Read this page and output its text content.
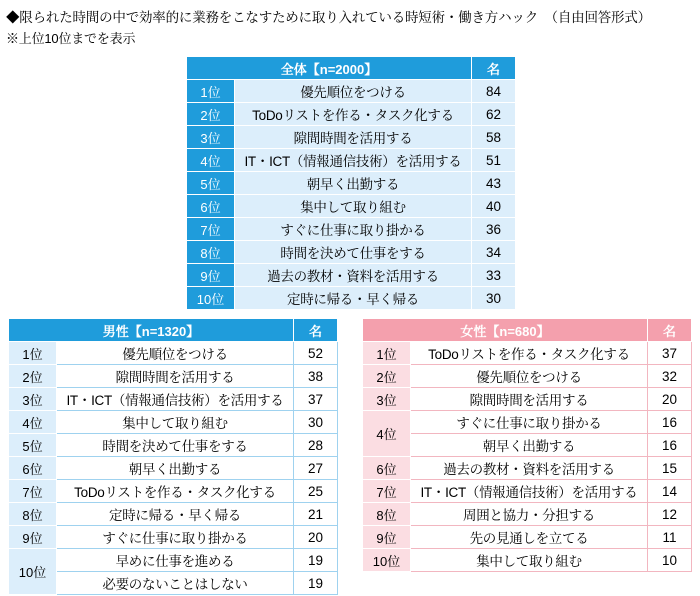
◆限られた時間の中で効率的に業務をこなすために取り入れている時短術・働き方ハック　（自由回答形式）
※上位10位までを表示
全体【n=2000】		名
1位	優先順位をつける	84
2位	ToDoリストを作る・タスク化する	62
3位	隙間時間を活用する	58
4位	IT・ICT（情報通信技術）を活用する	51
5位	朝早く出勤する	43
6位	集中して取り組む	40
7位	すぐに仕事に取り掛かる	36
8位	時間を決めて仕事をする	34
9位	過去の教材・資料を活用する	33
10位	定時に帰る・早く帰る	30
男性【n=1320】		名
1位	優先順位をつける	52
2位	隙間時間を活用する	38
3位	IT・ICT（情報通信技術）を活用する	37
4位	集中して取り組む	30
5位	時間を決めて仕事をする	28
6位	朝早く出勤する	27
7位	ToDoリストを作る・タスク化する	25
8位	定時に帰る・早く帰る	21
9位	すぐに仕事に取り掛かる	20
10位	早めに仕事を進める	19
	必要のないことはしない	19
女性【n=680】		名
1位	ToDoリストを作る・タスク化する	37
2位	優先順位をつける	32
3位	隙間時間を活用する	20
4位	すぐに仕事に取り掛かる	16
	朝早く出勤する	16
6位	過去の教材・資料を活用する	15
7位	IT・ICT（情報通信技術）を活用する	14
8位	周囲と協力・分担する	12
9位	先の見通しを立てる	11
10位	集中して取り組む	10
